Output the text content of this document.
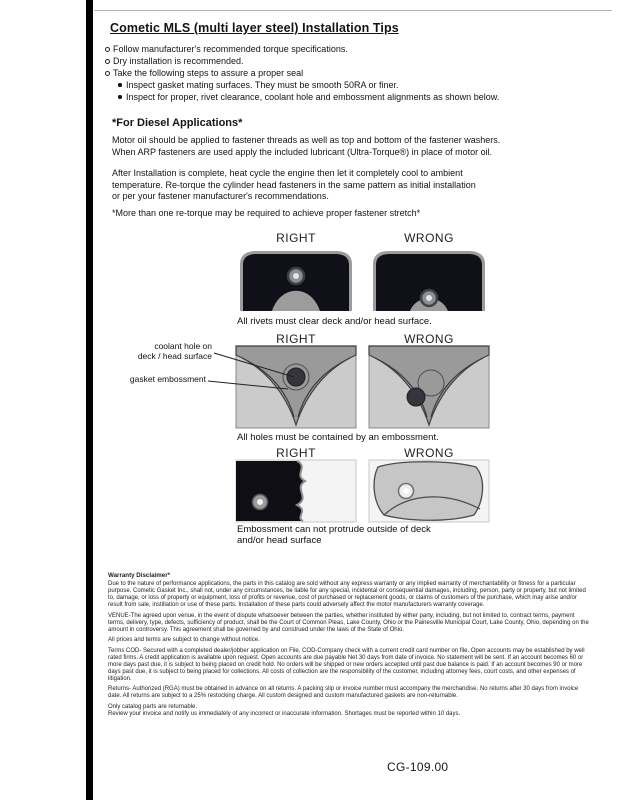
Cometic MLS (multi layer steel) Installation Tips
Follow manufacturer's recommended torque specifications.
Dry installation is recommended.
Take the following steps to assure a proper seal
Inspect gasket mating surfaces. They must be smooth 50RA or finer.
Inspect for proper, rivet clearance, coolant hole and embossment alignments as shown below.
*For Diesel Applications*
Motor oil should be applied to fastener threads as well as top and bottom of the fastener washers.
When ARP fasteners are used apply the included lubricant (Ultra-Torque®) in place of motor oil.
After Installation is complete, heat cycle the engine then let it completely cool to ambient
temperature. Re-torque the cylinder head fasteners in the same pattern as initial installation
or per your fastener manufacturer's recommendations.
*More than one re-torque may be required to achieve proper fastener stretch*
RIGHT	WRONG
All rivets must clear deck and/or head surface.
RIGHT	WRONG
coolant hole on
deck / head surface
gasket embossment
All holes must be contained by an embossment.
RIGHT	WRONG
Embossment can not protrude outside of deck
and/or head surface
Warranty Disclaimer*

Due to the nature of performance applications, the parts in this catalog are sold without any express warranty or any implied warranty of merchantability or fitness for a particular purpose. Cometic Gasket Inc., shall not, under any circumstances, be liable for any special, incidental or consequential damages, including, person, party or property, but not limited to, damage, or loss of property or equipment, loss of profits or revenue, cost of purchased or replacement goods, or claims of customers of the purchase, which may arise and/or result from sale, instillation or use of these parts. Installation of these parts could adversely affect the motor manufacturers warranty coverage.

VENUE-The agreed upon venue, in the event of dispute whatsoever between the parties, whether instituted by either party, including, but not limited to, contract terms, payment terms, delivery, type, defects, sufficiency of product, shall be the Court of Common Pleas, Lake County, Ohio or the Painesville Municipal Court, Lake County, Ohio, depending on the amount in controversy. This agreement shall be governed by and construed under the laws of the State of Ohio.

All prices and terms are subject to change without notice.

Terms COD- Secured with a completed dealer/jobber application on File, COD-Company check with a current credit card number on file. Open accounts may be established by well rated firms. A credit application is available upon request. Open accounts are due payable Net 30 days from date of invoice. No statement will be sent. If an account becomes 60 or more days past due, it is subject to being placed on credit hold. No orders will be shipped or new orders accepted until past due balance is paid. If an account becomes 90 or more days past due, it is subject to being placed for collections. All costs of collection are the responsibility of the customer, including attorney fees, court costs, and other expenses of litigation.

Returns- Authorized (RGA) must be obtained in advance on all returns. A packing slip or invoice number must accompany the merchandise. No returns after 30 days from invoice date. All returns are subject to a 25% restocking charge. All custom designed and custom manufactured gaskets are non-returnable.

Only catalog parts are returnable.

Review your invoice and notify us immediately of any incorrect or inaccurate information. Shortages must be reported within 10 days.

CG-109.00
